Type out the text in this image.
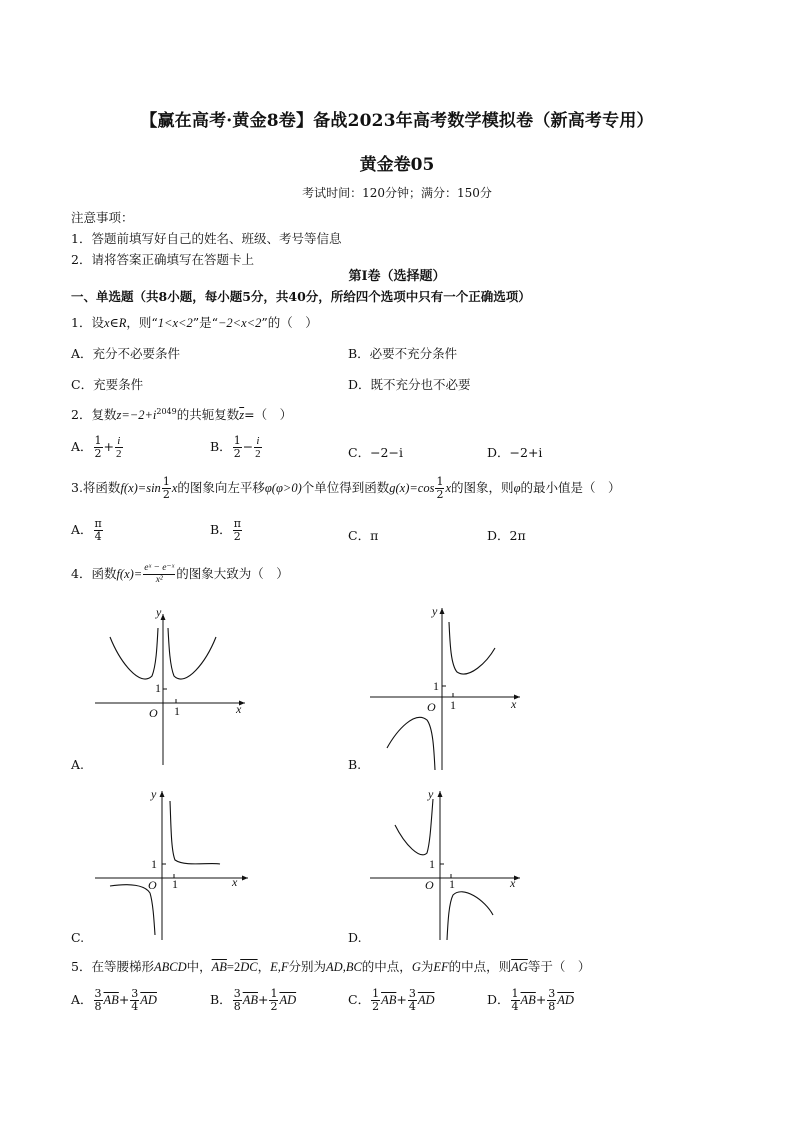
【赢在高考·黄金8卷】备战2023年高考数学模拟卷（新高考专用）
黄金卷05
考试时间：120分钟；满分：150分
注意事项：
1．答题前填写好自己的姓名、班级、考号等信息
2．请将答案正确填写在答题卡上
第I卷（选择题）
一、单选题（共8小题，每小题5分，共40分，所给四个选项中只有一个正确选项）
1．设x∈R，则“1<x<2”是“−2<x<2”的（　）
A．充分不必要条件	B．必要不充分条件
C．充要条件	D．既不充分也不必要
2．复数$z=-2+i^{2049}$的共轭复数$\overline{z}=$（　）
A． $\frac{1}{2} + \frac{i}{2}$	B． $\frac{1}{2} - \frac{i}{2}$	C．−2−i	D．−2+i
3.将函数$f(x)=\sin \frac{1}{2}$ x的图象向左平移φ(φ>0)个单位得到函数$g(x)=\cos \frac{1}{2}$ x的图象，则φ的最小值是（　）
A． $\frac{\pi}{4}$	B． $\frac{\pi}{2}$	C．π	D．2π
4．函数$f(x)= \frac{\text{eˣ − e⁻ˣ}}{\text{x²}}$ 的图象大致为（　）
y
x
O
1
1
A.
y
x
O
1
1
B.
y
x
O
1
1
C.
y
x
O
1
1
D.
5．在等腰梯形ABCD中，$\overline{AB}=2\overline{DC}$，E,F分别为AD,BC的中点，G为EF的中点，则$\overline{AG}$等于（　）
A． $\frac{3}{8} \overline{AB}+ \frac{3}{4} \overline{AD}$	B． $\frac{3}{8} \overline{AB}+ \frac{1}{2} \overline{AD}$	C． $\frac{1}{2} \overline{AB}+ \frac{3}{4} \overline{AD}$	D． $\frac{1}{4} \overline{AB}+ \frac{3}{8} \overline{AD}$
